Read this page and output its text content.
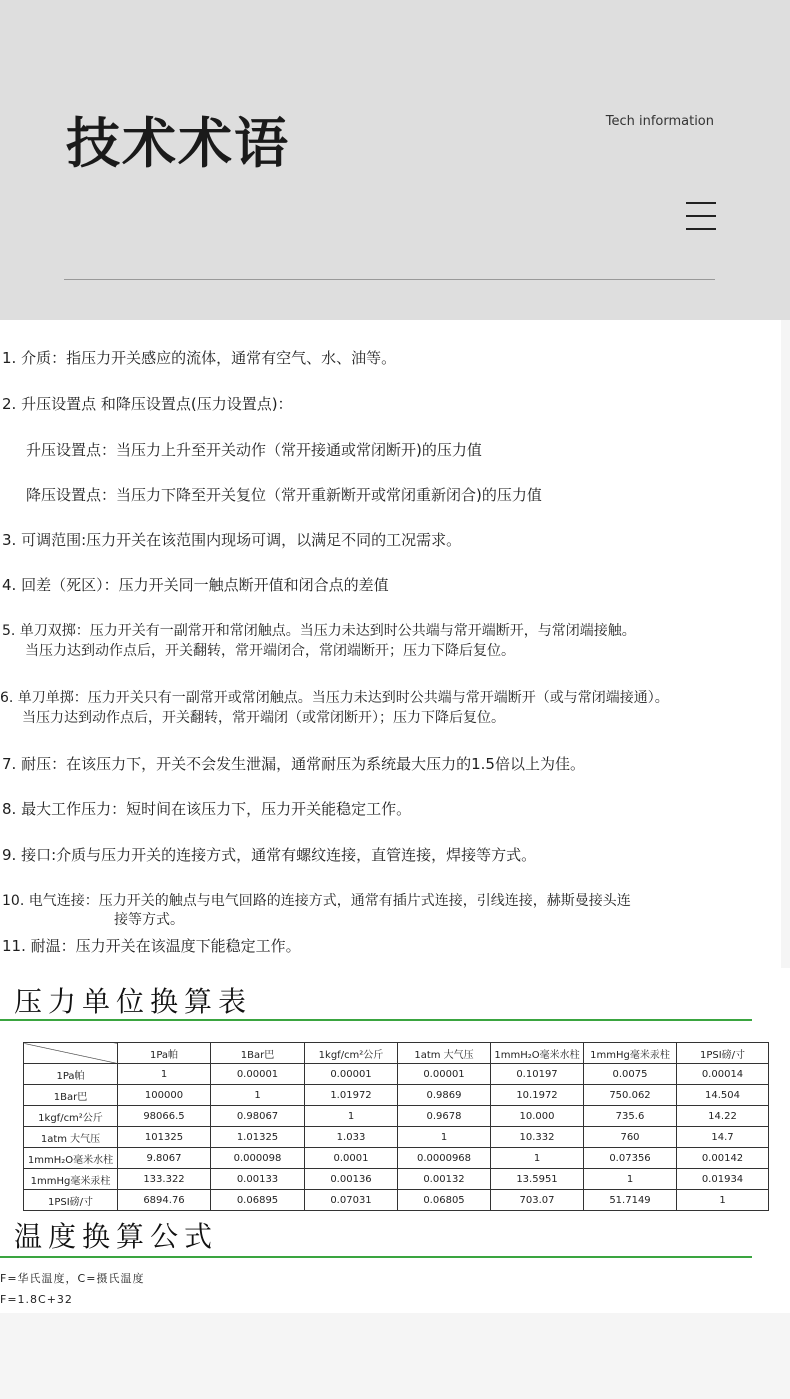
技术术语	Tech information
1. 介质：指压力开关感应的流体，通常有空气、水、油等。
2. 升压设置点 和降压设置点(压力设置点)：
升压设置点：当压力上升至开关动作（常开接通或常闭断开)的压力值
降压设置点：当压力下降至开关复位（常开重新断开或常闭重新闭合)的压力值
3. 可调范围:压力开关在该范围内现场可调，以满足不同的工况需求。
4. 回差（死区）：压力开关同一触点断开值和闭合点的差值
5. 单刀双掷：压力开关有一副常开和常闭触点。当压力未达到时公共端与常开端断开，与常闭端接触。
当压力达到动作点后，开关翻转，常开端闭合，常闭端断开；压力下降后复位。
6. 单刀单掷：压力开关只有一副常开或常闭触点。当压力未达到时公共端与常开端断开（或与常闭端接通）。
当压力达到动作点后，开关翻转，常开端闭（或常闭断开）；压力下降后复位。
7. 耐压：在该压力下，开关不会发生泄漏，通常耐压为系统最大压力的1.5倍以上为佳。
8. 最大工作压力：短时间在该压力下，压力开关能稳定工作。
9. 接口:介质与压力开关的连接方式，通常有螺纹连接，直管连接，焊接等方式。
10. 电气连接：压力开关的触点与电气回路的连接方式，通常有插片式连接，引线连接，赫斯曼接头连
接等方式。
11. 耐温：压力开关在该温度下能稳定工作。
压力单位换算表
	1Pa帕	1Bar巴	1kgf/cm²公斤	1atm 大气压	1mmH₂O毫米水柱	1mmHg毫米汞柱	1PSI磅/寸
1Pa帕	1	0.00001	0.00001	0.00001	0.10197	0.0075	0.00014
1Bar巴	100000	1	1.01972	0.9869	10.1972	750.062	14.504
1kgf/cm²公斤	98066.5	0.98067	1	0.9678	10.000	735.6	14.22
1atm 大气压	101325	1.01325	1.033	1	10.332	760	14.7
1mmH₂O毫米水柱	9.8067	0.000098	0.0001	0.0000968	1	0.07356	0.00142
1mmHg毫米汞柱	133.322	0.00133	0.00136	0.00132	13.5951	1	0.01934
1PSI磅/寸	6894.76	0.06895	0.07031	0.06805	703.07	51.7149	1
温度换算公式
F=华氏温度，C=摄氏温度
F=1.8C+32
